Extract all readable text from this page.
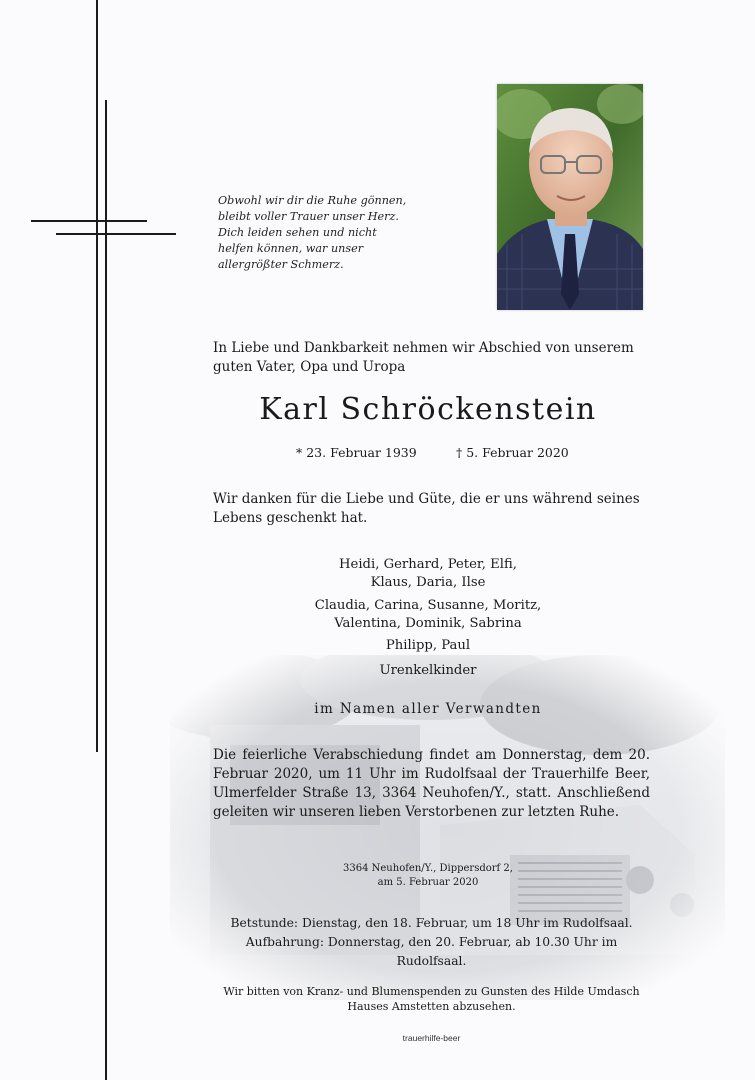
Obwohl wir dir die Ruhe gönnen,
bleibt voller Trauer unser Herz.
Dich leiden sehen und nicht
helfen können, war unser
allergrößter Schmerz.
In Liebe und Dankbarkeit nehmen wir Abschied von unserem guten Vater, Opa und Uropa
Karl Schröckenstein
* 23. Februar 1939	† 5. Februar 2020
Wir danken für die Liebe und Güte, die er uns während seines Lebens geschenkt hat.
Heidi, Gerhard, Peter, Elfi,
Klaus, Daria, Ilse
Claudia, Carina, Susanne, Moritz,
Valentina, Dominik, Sabrina
Philipp, Paul
Urenkelkinder
im Namen aller Verwandten

Die feierliche Verabschiedung findet am Donnerstag, dem 20. Februar 2020, um 11 Uhr im Rudolfsaal der Trauerhilfe Beer, Ulmerfelder Straße 13, 3364 Neuhofen/Y., statt. Anschließend geleiten wir unseren lieben Verstorbenen zur letzten Ruhe.

3364 Neuhofen/Y., Dippersdorf 2,
am 5. Februar 2020
Betstunde: Dienstag, den 18. Februar, um 18 Uhr im Rudolfsaal.
Aufbahrung: Donnerstag, den 20. Februar, ab 10.30 Uhr im
Rudolfsaal.
Wir bitten von Kranz- und Blumenspenden zu Gunsten des Hilde Umdasch
Hauses Amstetten abzusehen.
trauerhilfe-beer
